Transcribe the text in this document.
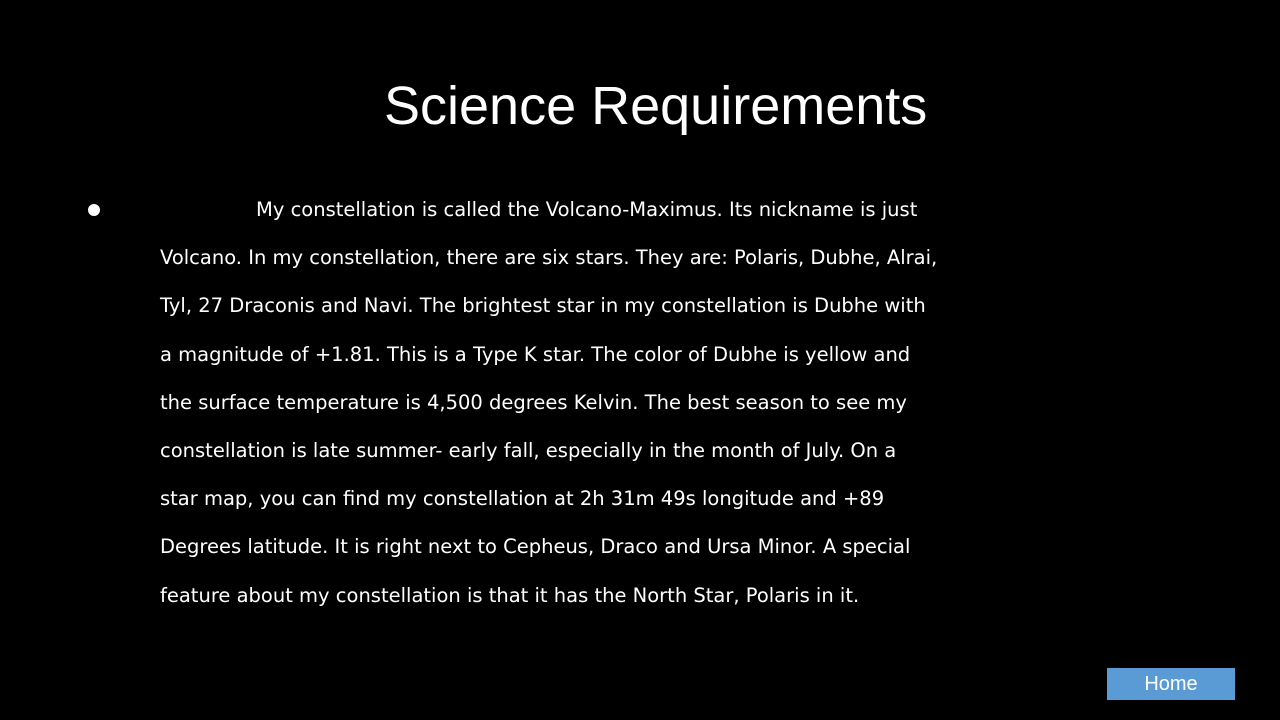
Science Requirements
My constellation is called the Volcano-Maximus. Its nickname is just
Volcano. In my constellation, there are six stars. They are: Polaris, Dubhe, Alrai,
Tyl, 27 Draconis and Navi. The brightest star in my constellation is Dubhe with
a magnitude of +1.81. This is a Type K star. The color of Dubhe is yellow and
the surface temperature is 4,500 degrees Kelvin. The best season to see my
constellation is late summer- early fall, especially in the month of July. On a
star map, you can find my constellation at 2h 31m 49s longitude and +89
Degrees latitude. It is right next to Cepheus, Draco and Ursa Minor. A special
feature about my constellation is that it has the North Star, Polaris in it.
Home
